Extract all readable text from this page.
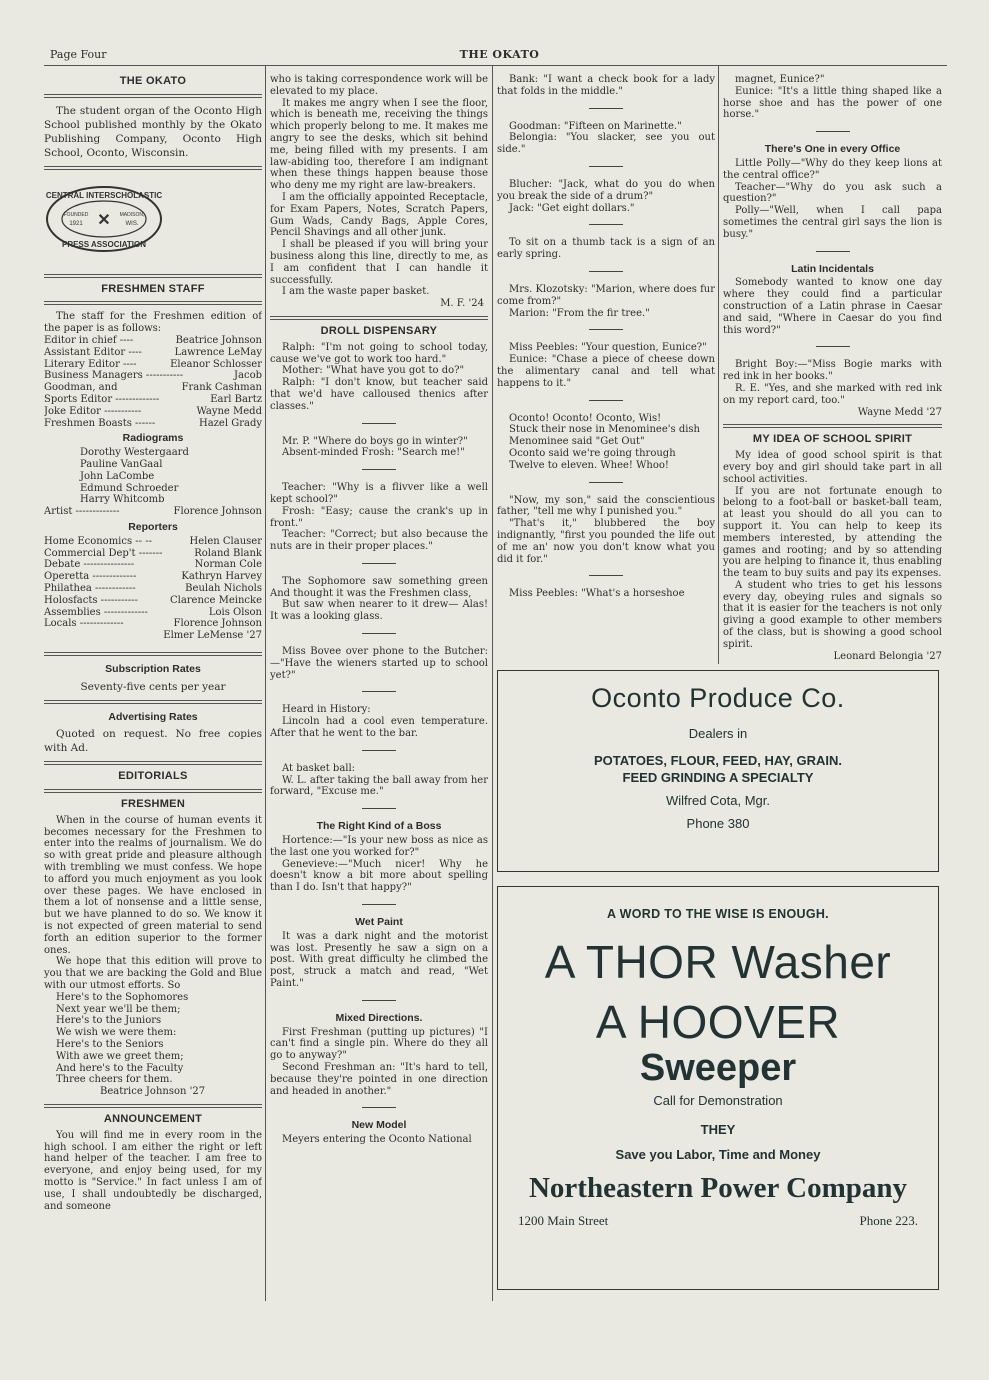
Page Four	THE OKATO
THE OKATO

The student organ of the Oconto High School published monthly by the Okato Publishing Company, Oconto High School, Oconto, Wisconsin.

CENTRAL INTERSCHOLASTIC
FOUNDED
1921 ✕ MADISON,
WIS.
PRESS ASSOCIATION
FRESHMEN STAFF

The staff for the Freshmen edition of the paper is as follows:

Editor in chief ----	Beatrice Johnson
Assistant Editor ----	Lawrence LeMay
Literary Editor ----	Eleanor Schlosser
Business Managers -----------	Jacob
Goodman, and	Frank Cashman
Sports Editor -------------	Earl Bartz
Joke Editor -----------	Wayne Medd
Freshmen Boasts ------	Hazel Grady
Radiograms

Dorothy Westergaard

Pauline VanGaal

John LaCombe

Edmund Schroeder

Harry Whitcomb

Artist -------------	Florence Johnson
Reporters
Home Economics -- --	Helen Clauser
Commercial Dep't -------	Roland Blank
Debate ---------------	Norman Cole
Operetta -------------	Kathryn Harvey
Philathea ------------	Beulah Nichols
Holosfacts -----------	Clarence Meincke
Assemblies -------------	Lois Olson
Locals -------------	Florence Johnson
Elmer LeMense '27
Subscription Rates
Seventy-five cents per year
Advertising Rates

Quoted on request. No free copies with Ad.

EDITORIALS
FRESHMEN

When in the course of human events it becomes necessary for the Freshmen to enter into the realms of journalism. We do so with great pride and pleasure although with trembling we must confess. We hope to afford you much enjoyment as you look over these pages. We have enclosed in them a lot of nonsense and a little sense, but we have planned to do so. We know it is not expected of green material to send forth an edition superior to the former ones.

We hope that this edition will prove to you that we are backing the Gold and Blue with our utmost efforts. So

Here's to the Sophomores

Next year we'll be them;

Here's to the Juniors

We wish we were them:

Here's to the Seniors

With awe we greet them;

And here's to the Faculty

Three cheers for them.

Beatrice Johnson '27
ANNOUNCEMENT

You will find me in every room in the high school. I am either the right or left hand helper of the teacher. I am free to everyone, and enjoy being used, for my motto is "Service." In fact unless I am of use, I shall undoubtedly be discharged, and someone

who is taking correspondence work will be elevated to my place.

It makes me angry when I see the floor, which is beneath me, receiving the things which properly belong to me. It makes me angry to see the desks, which sit behind me, being filled with my presents. I am law-abiding too, therefore I am indignant when these things happen beause those who deny me my right are law-breakers.

I am the officially appointed Receptacle, for Exam Papers, Notes, Scratch Papers, Gum Wads, Candy Bags, Apple Cores, Pencil Shavings and all other junk.

I shall be pleased if you will bring your business along this line, directly to me, as I am confident that I can handle it successfully.

I am the waste paper basket.

M. F. '24
DROLL DISPENSARY

Ralph: "I'm not going to school today, cause we've got to work too hard."

Mother: "What have you got to do?"

Ralph: "I don't know, but teacher said that we'd have calloused thenics after classes."

Mr. P. "Where do boys go in winter?"

Absent-minded Frosh: "Search me!"

Teacher: "Why is a flivver like a well kept school?"

Frosh: "Easy; cause the crank's up in front."

Teacher: "Correct; but also because the nuts are in their proper places."

The Sophomore saw something green And thought it was the Freshmen class,

But saw when nearer to it drew— Alas! It was a looking glass.

Miss Bovee over phone to the Butcher:—"Have the wieners started up to school yet?"

Heard in History:

Lincoln had a cool even temperature. After that he went to the bar.

At basket ball:

W. L. after taking the ball away from her forward, "Excuse me."

The Right Kind of a Boss

Hortence:—"Is your new boss as nice as the last one you worked for?"

Genevieve:—"Much nicer! Why he doesn't know a bit more about spelling than I do. Isn't that happy?"

Wet Paint

It was a dark night and the motorist was lost. Presently he saw a sign on a post. With great difficulty he climbed the post, struck a match and read, "Wet Paint."

Mixed Directions.

First Freshman (putting up pictures) "I can't find a single pin. Where do they all go to anyway?"

Second Freshman an: "It's hard to tell, because they're pointed in one direction and headed in another."

New Model

Meyers entering the Oconto National

Bank: "I want a check book for a lady that folds in the middle."

Goodman: "Fifteen on Marinette."

Belongia: "You slacker, see you out side."

Blucher: "Jack, what do you do when you break the side of a drum?"

Jack: "Get eight dollars."

To sit on a thumb tack is a sign of an early spring.

Mrs. Klozotsky: "Marion, where does fur come from?"

Marion: "From the fir tree."

Miss Peebles: "Your question, Eunice?"

Eunice: "Chase a piece of cheese down the alimentary canal and tell what happens to it."

Oconto! Oconto! Oconto, Wis!

Stuck their nose in Menominee's dish

Menominee said "Get Out"

Oconto said we're going through

Twelve to eleven. Whee! Whoo!

"Now, my son," said the conscientious father, "tell me why I punished you."

"That's it," blubbered the boy indignantly, "first you pounded the life out of me an' now you don't know what you did it for."

Miss Peebles: "What's a horseshoe

magnet, Eunice?"

Eunice: "It's a little thing shaped like a horse shoe and has the power of one horse."

There's One in every Office

Little Polly—"Why do they keep lions at the central office?"

Teacher—"Why do you ask such a question?"

Polly—"Well, when I call papa sometimes the central girl says the lion is busy."

Latin Incidentals

Somebody wanted to know one day where they could find a particular construction of a Latin phrase in Caesar and said, "Where in Caesar do you find this word?"

Bright Boy:—"Miss Bogie marks with red ink in her books."

R. E. "Yes, and she marked with red ink on my report card, too."

Wayne Medd '27
MY IDEA OF SCHOOL SPIRIT

My idea of good school spirit is that every boy and girl should take part in all school activities.

If you are not fortunate enough to belong to a foot-ball or basket-ball team, at least you should do all you can to support it. You can help to keep its members interested, by attending the games and rooting; and by so attending you are helping to finance it, thus enabling the team to buy suits and pay its expenses.

A student who tries to get his lessons every day, obeying rules and signals so that it is easier for the teachers is not only giving a good example to other members of the class, but is showing a good school spirit.

Leonard Belongia '27
Oconto Produce Co.
Dealers in
POTATOES, FLOUR, FEED, HAY, GRAIN.
FEED GRINDING A SPECIALTY
Wilfred Cota, Mgr.
Phone 380
A WORD TO THE WISE IS ENOUGH.
A THOR Washer
A HOOVER
Sweeper
Call for Demonstration
THEY
Save you Labor, Time and Money
Northeastern Power Company
1200 Main Street	Phone 223.
